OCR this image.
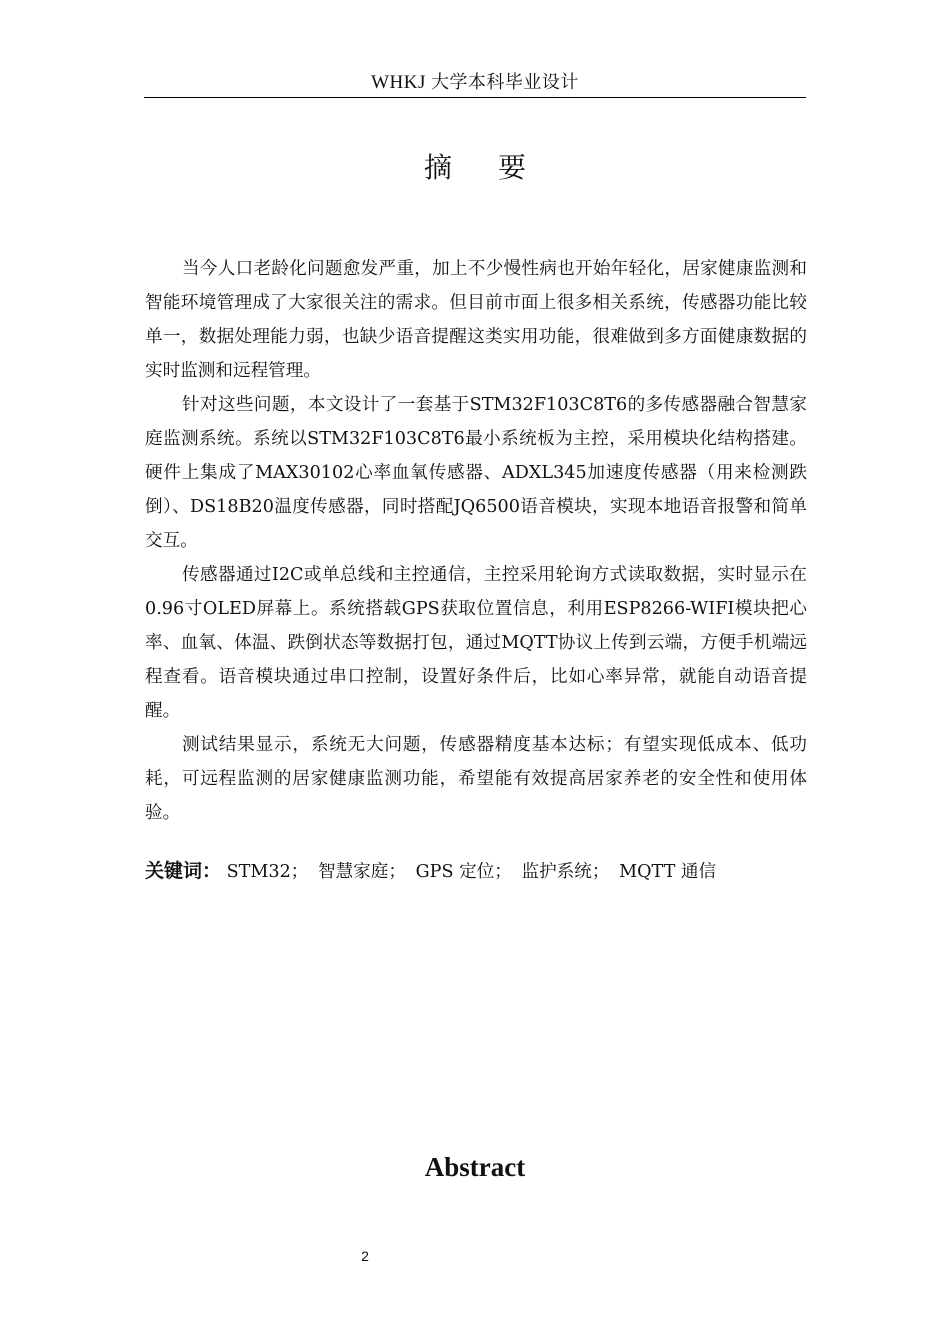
WHKJ 大学本科毕业设计
摘要

当今人口老龄化问题愈发严重，加上不少慢性病也开始年轻化，居家健康监测和智能环境管理成了大家很关注的需求。但目前市面上很多相关系统，传感器功能比较单一，数据处理能力弱，也缺少语音提醒这类实用功能，很难做到多方面健康数据的实时监测和远程管理。

针对这些问题，本文设计了一套基于STM32F103C8T6的多传感器融合智慧家庭监测系统。系统以STM32F103C8T6最小系统板为主控，采用模块化结构搭建。硬件上集成了MAX30102心率血氧传感器、ADXL345加速度传感器（用来检测跌倒）、DS18B20温度传感器，同时搭配JQ6500语音模块，实现本地语音报警和简单交互。

传感器通过I2C或单总线和主控通信，主控采用轮询方式读取数据，实时显示在0.96寸OLED屏幕上。系统搭载GPS获取位置信息，利用ESP8266-WIFI模块把心率、血氧、体温、跌倒状态等数据打包，通过MQTT协议上传到云端，方便手机端远程查看。语音模块通过串口控制，设置好条件后，比如心率异常，就能自动语音提醒。

测试结果显示，系统无大问题，传感器精度基本达标；有望实现低成本、低功耗，可远程监测的居家健康监测功能，希望能有效提高居家养老的安全性和使用体验。

关键词： STM32； 智慧家庭； GPS 定位； 监护系统； MQTT 通信
Abstract
2
